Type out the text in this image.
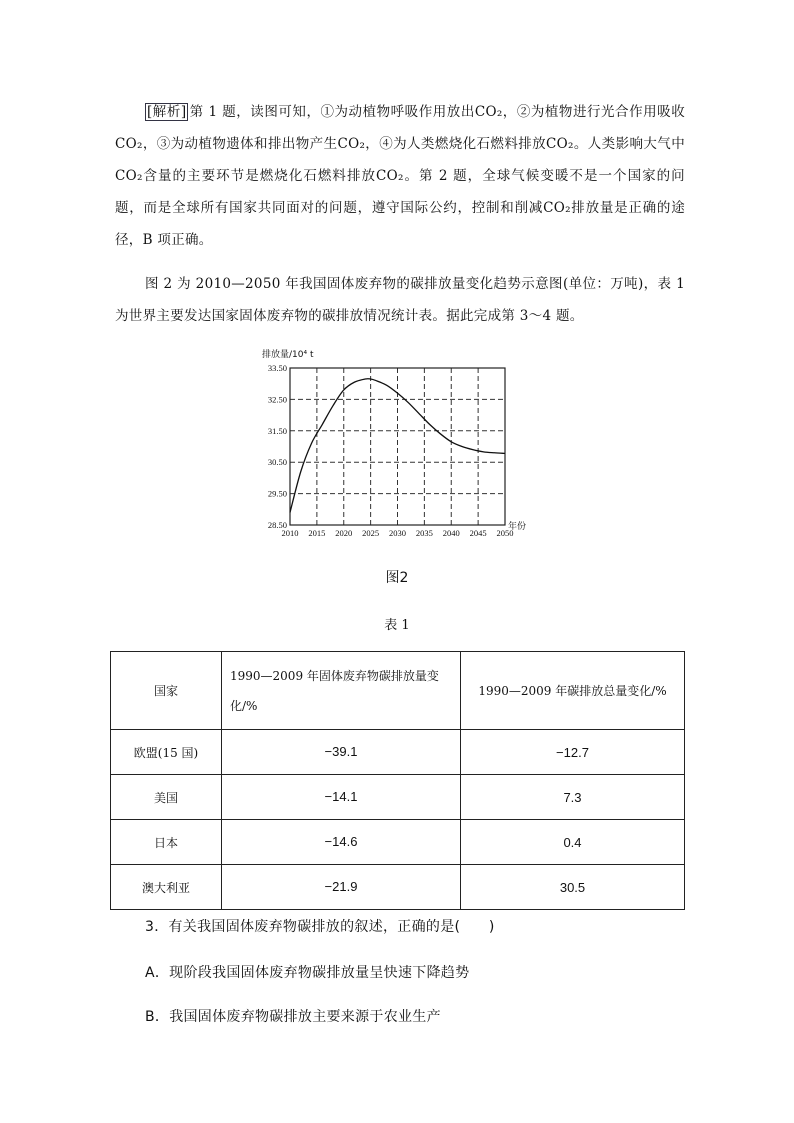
[解析] 第 1 题，读图可知，①为动植物呼吸作用放出CO₂，②为植物进行光合作用吸收CO₂，③为动植物遗体和排出物产生CO₂，④为人类燃烧化石燃料排放CO₂。人类影响大气中CO₂含量的主要环节是燃烧化石燃料排放CO₂。第 2 题，全球气候变暖不是一个国家的问题，而是全球所有国家共同面对的问题，遵守国际公约，控制和削减CO₂排放量是正确的途径，B 项正确。
图 2 为 2010—2050 年我国固体废弃物的碳排放量变化趋势示意图(单位：万吨)，表 1 为世界主要发达国家固体废弃物的碳排放情况统计表。据此完成第 3～4 题。
2010 2015 2020 2025 2030 2035 2040 2045 2050
28.50
29.50
30.50
31.50
32.50
33.50
排放量/10⁴ t
年份
图2
表 1
国家	1990—2009 年固体废弃物碳排放量变化/%	1990—2009 年碳排放总量变化/%
欧盟(15 国)	−39.1	−12.7
美国	−14.1	7.3
日本	−14.6	0.4
澳大利亚	−21.9	30.5
3．有关我国固体废弃物碳排放的叙述，正确的是(　　)
A．现阶段我国固体废弃物碳排放量呈快速下降趋势
B．我国固体废弃物碳排放主要来源于农业生产
